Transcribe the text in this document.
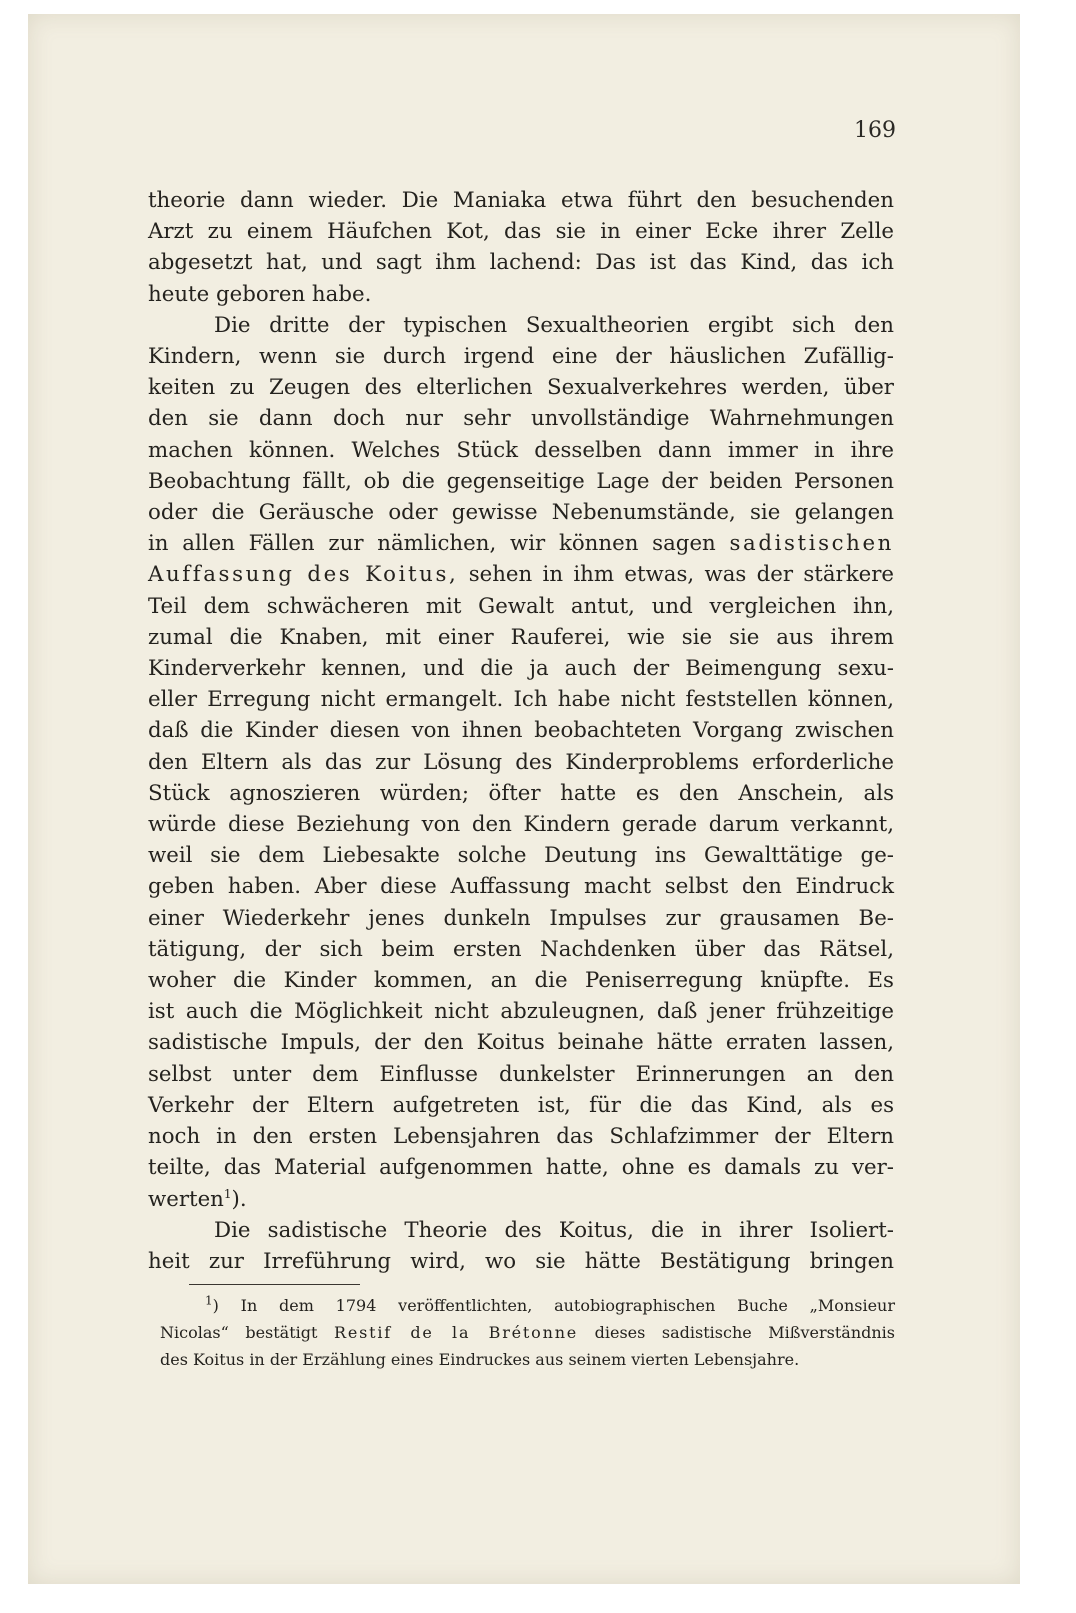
169
theorie dann wieder. Die Maniaka etwa führt den besuchenden
Arzt zu einem Häufchen Kot, das sie in einer Ecke ihrer Zelle
abgesetzt hat, und sagt ihm lachend: Das ist das Kind, das ich
heute geboren habe.
Die dritte der typischen Sexualtheorien ergibt sich den
Kindern, wenn sie durch irgend eine der häuslichen Zufällig-
keiten zu Zeugen des elterlichen Sexualverkehres werden, über
den sie dann doch nur sehr unvollständige Wahrnehmungen
machen können. Welches Stück desselben dann immer in ihre
Beobachtung fällt, ob die gegenseitige Lage der beiden Personen
oder die Geräusche oder gewisse Nebenumstände, sie gelangen
in allen Fällen zur nämlichen, wir können sagen sadistischen
Auffassung des Koitus, sehen in ihm etwas, was der stärkere
Teil dem schwächeren mit Gewalt antut, und vergleichen ihn,
zumal die Knaben, mit einer Rauferei, wie sie sie aus ihrem
Kinderverkehr kennen, und die ja auch der Beimengung sexu-
eller Erregung nicht ermangelt. Ich habe nicht feststellen können,
daß die Kinder diesen von ihnen beobachteten Vorgang zwischen
den Eltern als das zur Lösung des Kinderproblems erforderliche
Stück agnoszieren würden; öfter hatte es den Anschein, als
würde diese Beziehung von den Kindern gerade darum verkannt,
weil sie dem Liebesakte solche Deutung ins Gewalttätige ge-
geben haben. Aber diese Auffassung macht selbst den Eindruck
einer Wiederkehr jenes dunkeln Impulses zur grausamen Be-
tätigung, der sich beim ersten Nachdenken über das Rätsel,
woher die Kinder kommen, an die Peniserregung knüpfte. Es
ist auch die Möglichkeit nicht abzuleugnen, daß jener frühzeitige
sadistische Impuls, der den Koitus beinahe hätte erraten lassen,
selbst unter dem Einflusse dunkelster Erinnerungen an den
Verkehr der Eltern aufgetreten ist, für die das Kind, als es
noch in den ersten Lebensjahren das Schlafzimmer der Eltern
teilte, das Material aufgenommen hatte, ohne es damals zu ver-
werten$^1$).
Die sadistische Theorie des Koitus, die in ihrer Isoliert-
heit zur Irreführung wird, wo sie hätte Bestätigung bringen
$^1$) In dem 1794 veröffentlichten, autobiographischen Buche „Monsieur
Nicolas“ bestätigt Restif de la Brétonne dieses sadistische Mißverständnis
des Koitus in der Erzählung eines Eindruckes aus seinem vierten Lebensjahre.
